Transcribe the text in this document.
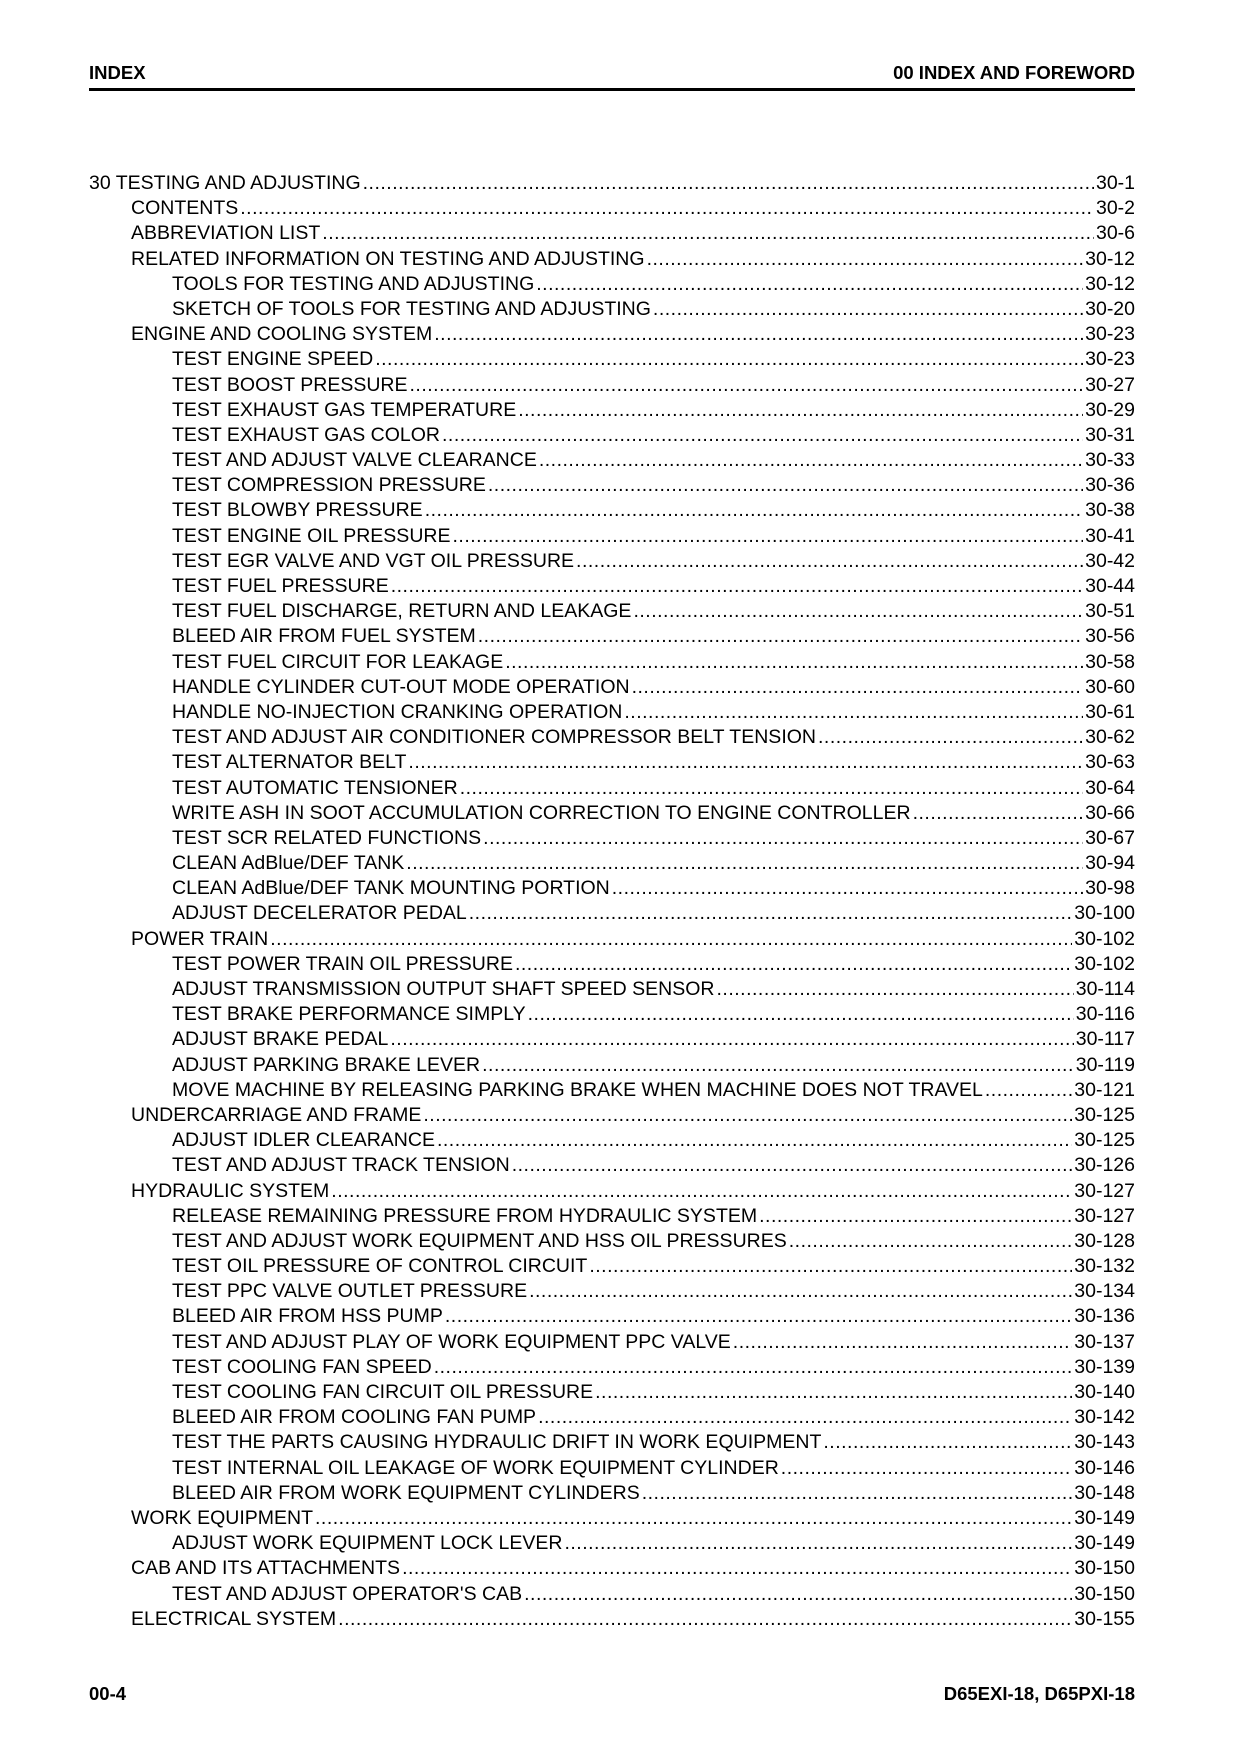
INDEX	00 INDEX AND FOREWORD
30 TESTING AND ADJUSTING .....	30-1
CONTENTS .....	30-2
ABBREVIATION LIST .....	30-6
RELATED INFORMATION ON TESTING AND ADJUSTING .....	30-12
TOOLS FOR TESTING AND ADJUSTING .....	30-12
SKETCH OF TOOLS FOR TESTING AND ADJUSTING .....	30-20
ENGINE AND COOLING SYSTEM .....	30-23
TEST ENGINE SPEED .....	30-23
TEST BOOST PRESSURE .....	30-27
TEST EXHAUST GAS TEMPERATURE .....	30-29
TEST EXHAUST GAS COLOR .....	30-31
TEST AND ADJUST VALVE CLEARANCE .....	30-33
TEST COMPRESSION PRESSURE .....	30-36
TEST BLOWBY PRESSURE .....	30-38
TEST ENGINE OIL PRESSURE .....	30-41
TEST EGR VALVE AND VGT OIL PRESSURE .....	30-42
TEST FUEL PRESSURE .....	30-44
TEST FUEL DISCHARGE, RETURN AND LEAKAGE .....	30-51
BLEED AIR FROM FUEL SYSTEM .....	30-56
TEST FUEL CIRCUIT FOR LEAKAGE .....	30-58
HANDLE CYLINDER CUT-OUT MODE OPERATION .....	30-60
HANDLE NO-INJECTION CRANKING OPERATION .....	30-61
TEST AND ADJUST AIR CONDITIONER COMPRESSOR BELT TENSION .....	30-62
TEST ALTERNATOR BELT .....	30-63
TEST AUTOMATIC TENSIONER .....	30-64
WRITE ASH IN SOOT ACCUMULATION CORRECTION TO ENGINE CONTROLLER .....	30-66
TEST SCR RELATED FUNCTIONS .....	30-67
CLEAN AdBlue/DEF TANK .....	30-94
CLEAN AdBlue/DEF TANK MOUNTING PORTION .....	30-98
ADJUST DECELERATOR PEDAL .....	30-100
POWER TRAIN .....	30-102
TEST POWER TRAIN OIL PRESSURE .....	30-102
ADJUST TRANSMISSION OUTPUT SHAFT SPEED SENSOR .....	30-114
TEST BRAKE PERFORMANCE SIMPLY .....	30-116
ADJUST BRAKE PEDAL .....	30-117
ADJUST PARKING BRAKE LEVER .....	30-119
MOVE MACHINE BY RELEASING PARKING BRAKE WHEN MACHINE DOES NOT TRAVEL .....	30-121
UNDERCARRIAGE AND FRAME .....	30-125
ADJUST IDLER CLEARANCE .....	30-125
TEST AND ADJUST TRACK TENSION .....	30-126
HYDRAULIC SYSTEM .....	30-127
RELEASE REMAINING PRESSURE FROM HYDRAULIC SYSTEM .....	30-127
TEST AND ADJUST WORK EQUIPMENT AND HSS OIL PRESSURES .....	30-128
TEST OIL PRESSURE OF CONTROL CIRCUIT .....	30-132
TEST PPC VALVE OUTLET PRESSURE .....	30-134
BLEED AIR FROM HSS PUMP .....	30-136
TEST AND ADJUST PLAY OF WORK EQUIPMENT PPC VALVE .....	30-137
TEST COOLING FAN SPEED .....	30-139
TEST COOLING FAN CIRCUIT OIL PRESSURE .....	30-140
BLEED AIR FROM COOLING FAN PUMP .....	30-142
TEST THE PARTS CAUSING HYDRAULIC DRIFT IN WORK EQUIPMENT .....	30-143
TEST INTERNAL OIL LEAKAGE OF WORK EQUIPMENT CYLINDER .....	30-146
BLEED AIR FROM WORK EQUIPMENT CYLINDERS .....	30-148
WORK EQUIPMENT .....	30-149
ADJUST WORK EQUIPMENT LOCK LEVER .....	30-149
CAB AND ITS ATTACHMENTS .....	30-150
TEST AND ADJUST OPERATOR'S CAB .....	30-150
ELECTRICAL SYSTEM .....	30-155
00-4	D65EXI-18, D65PXI-18
